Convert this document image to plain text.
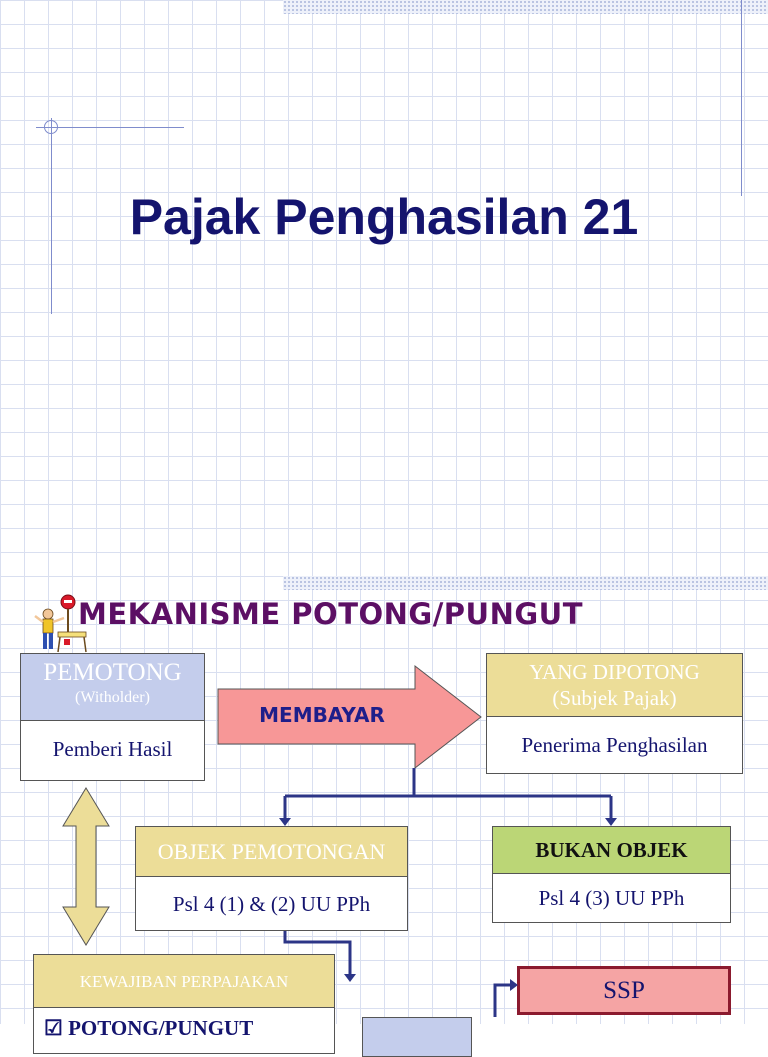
Pajak Penghasilan 21
MEKANISME POTONG/PUNGUT
PEMOTONG
(Witholder)
Pemberi Hasil
YANG DIPOTONG
(Subjek Pajak)
Penerima Penghasilan
OBJEK PEMOTONGAN
Psl 4 (1) & (2) UU PPh
BUKAN OBJEK
Psl 4 (3) UU PPh
KEWAJIBAN PERPAJAKAN
☑ POTONG/PUNGUT
SSP
MEMBAYAR
